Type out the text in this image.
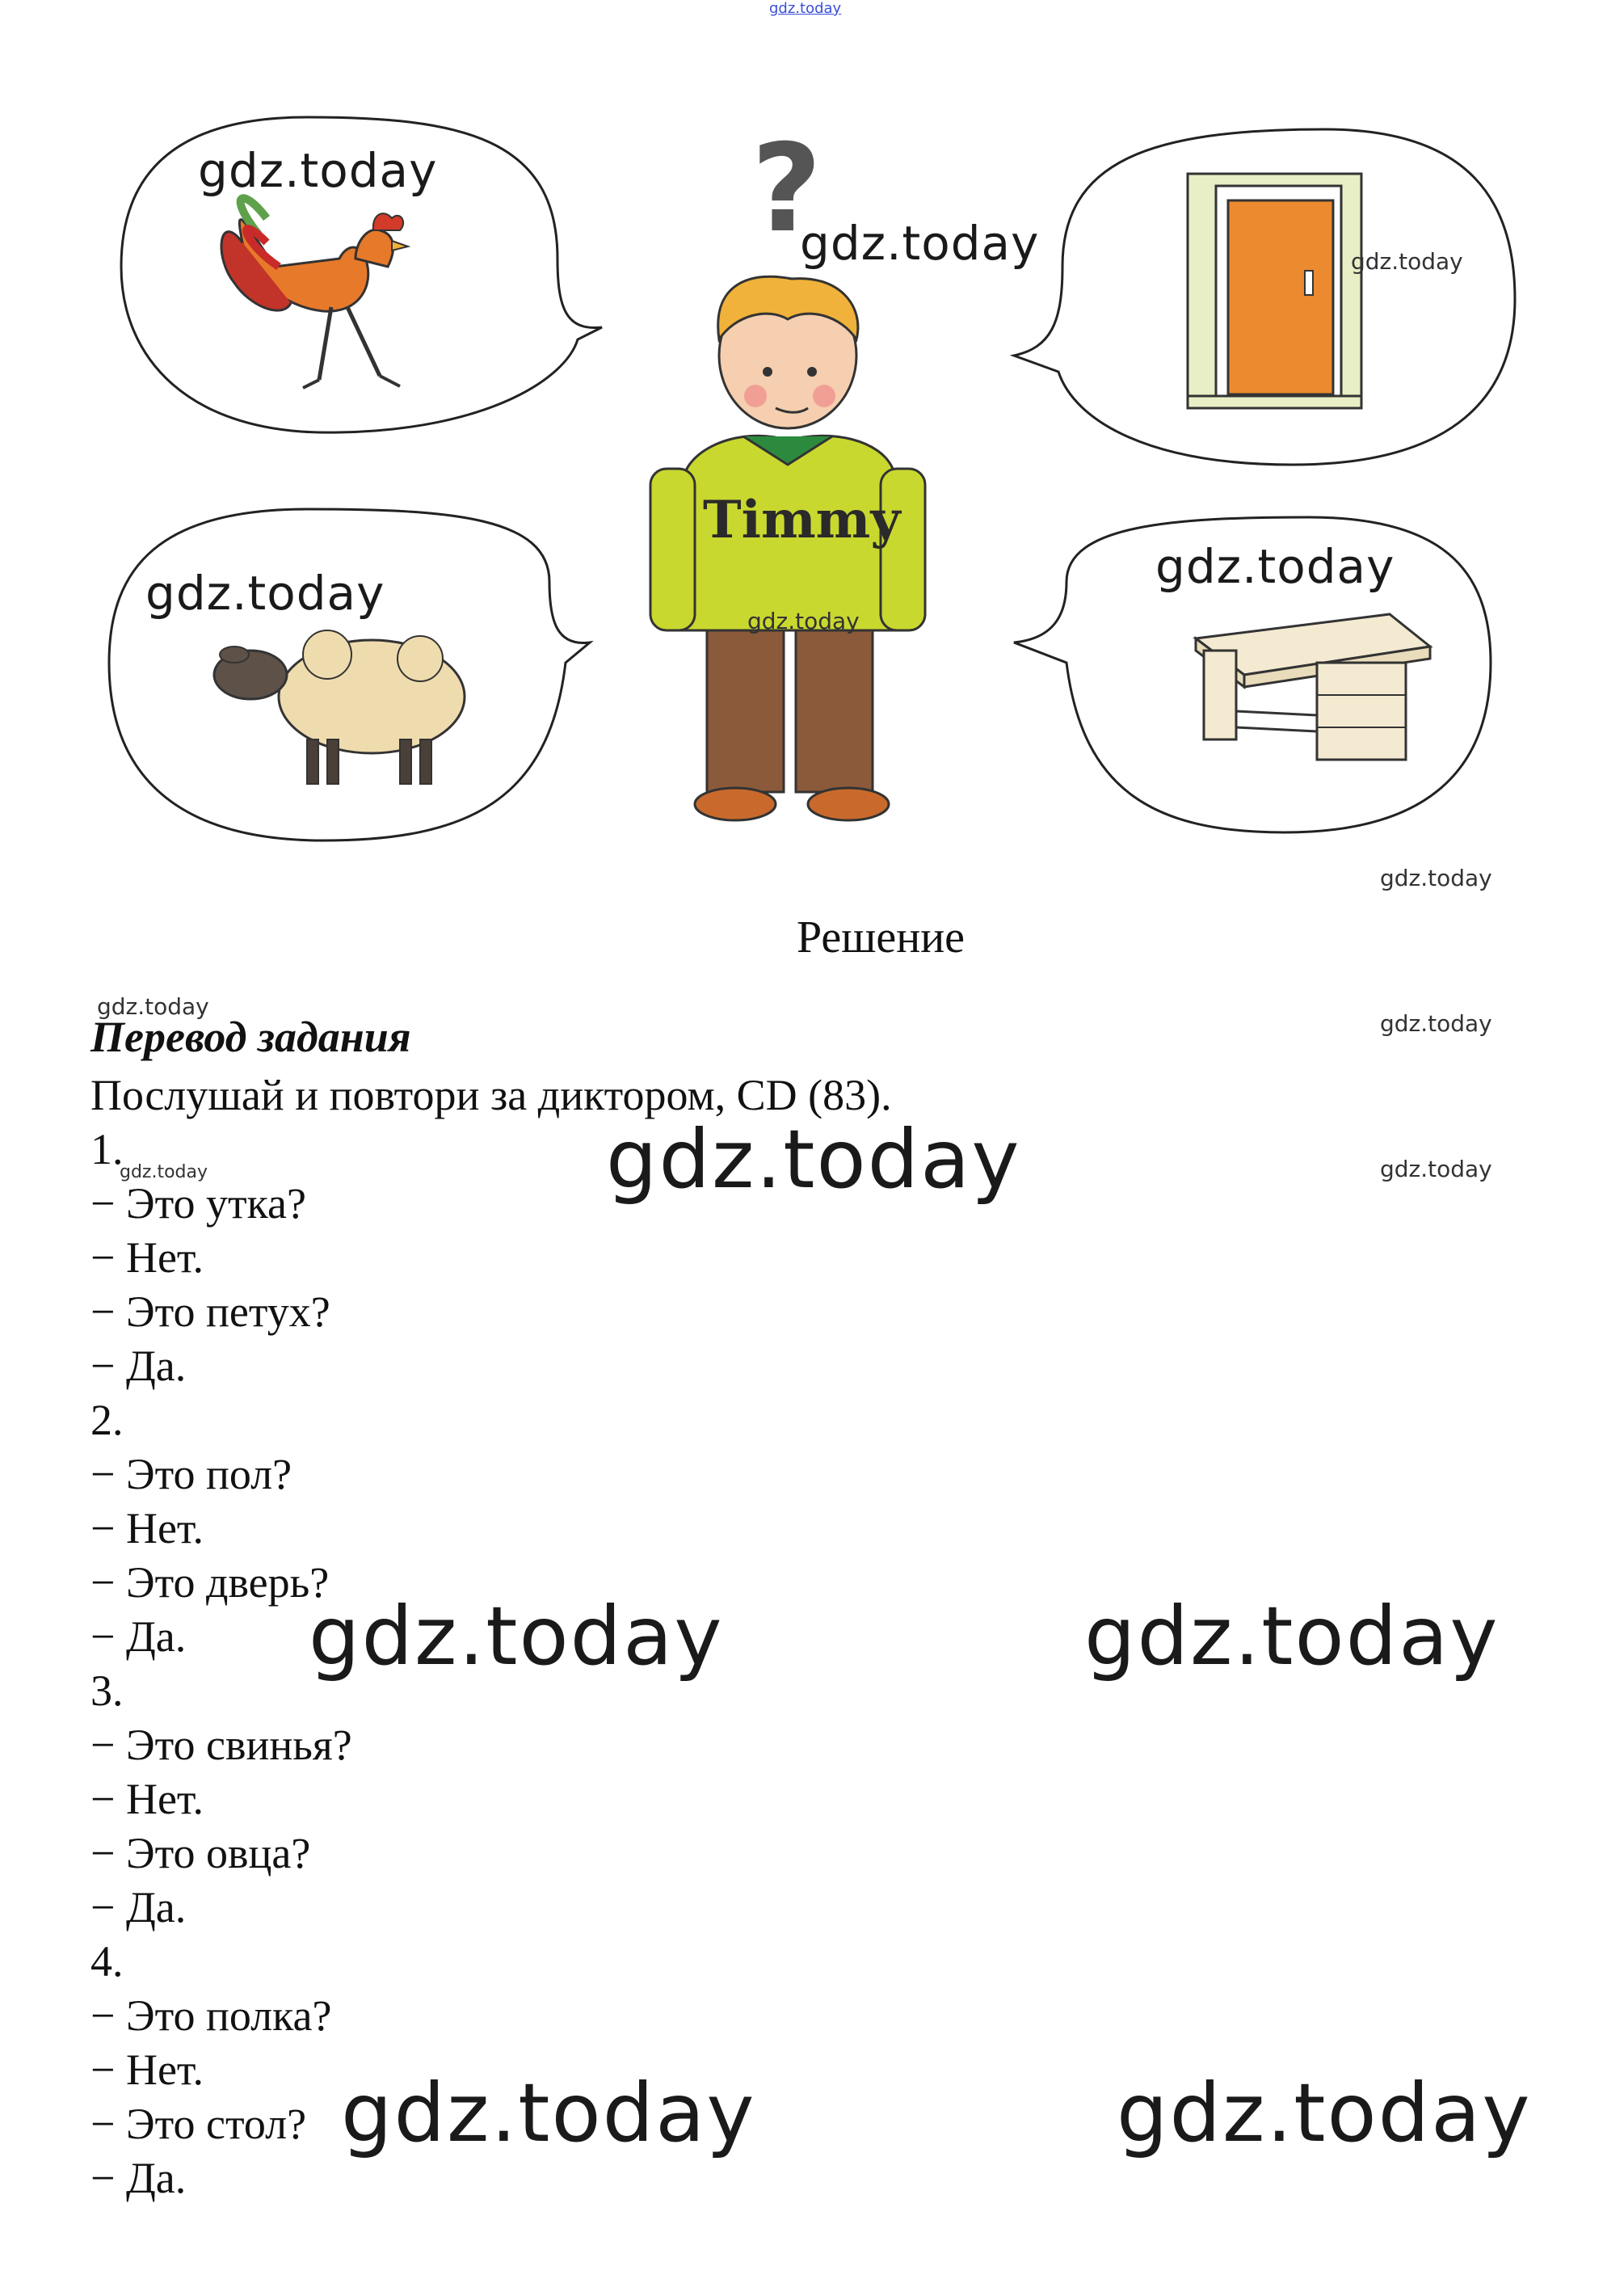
?
Timmy
gdz.today
gdz.today
gdz.today	gdz.today
gdz.today
gdz.today
gdz.today
gdz.today
gdz.today
gdz.today
gdz.today	gdz.today
gdz.today
gdz.today	gdz.today
gdz.today	gdz.today
Решение
Перевод задания
Послушай и повтори за диктором, CD (83).
1.
− Это утка?
− Нет.
− Это петух?
− Да.
2.
− Это пол?
− Нет.
− Это дверь?
− Да.
3.
− Это свинья?
− Нет.
− Это овца?
− Да.
4.
− Это полка?
− Нет.
− Это стол?
− Да.
